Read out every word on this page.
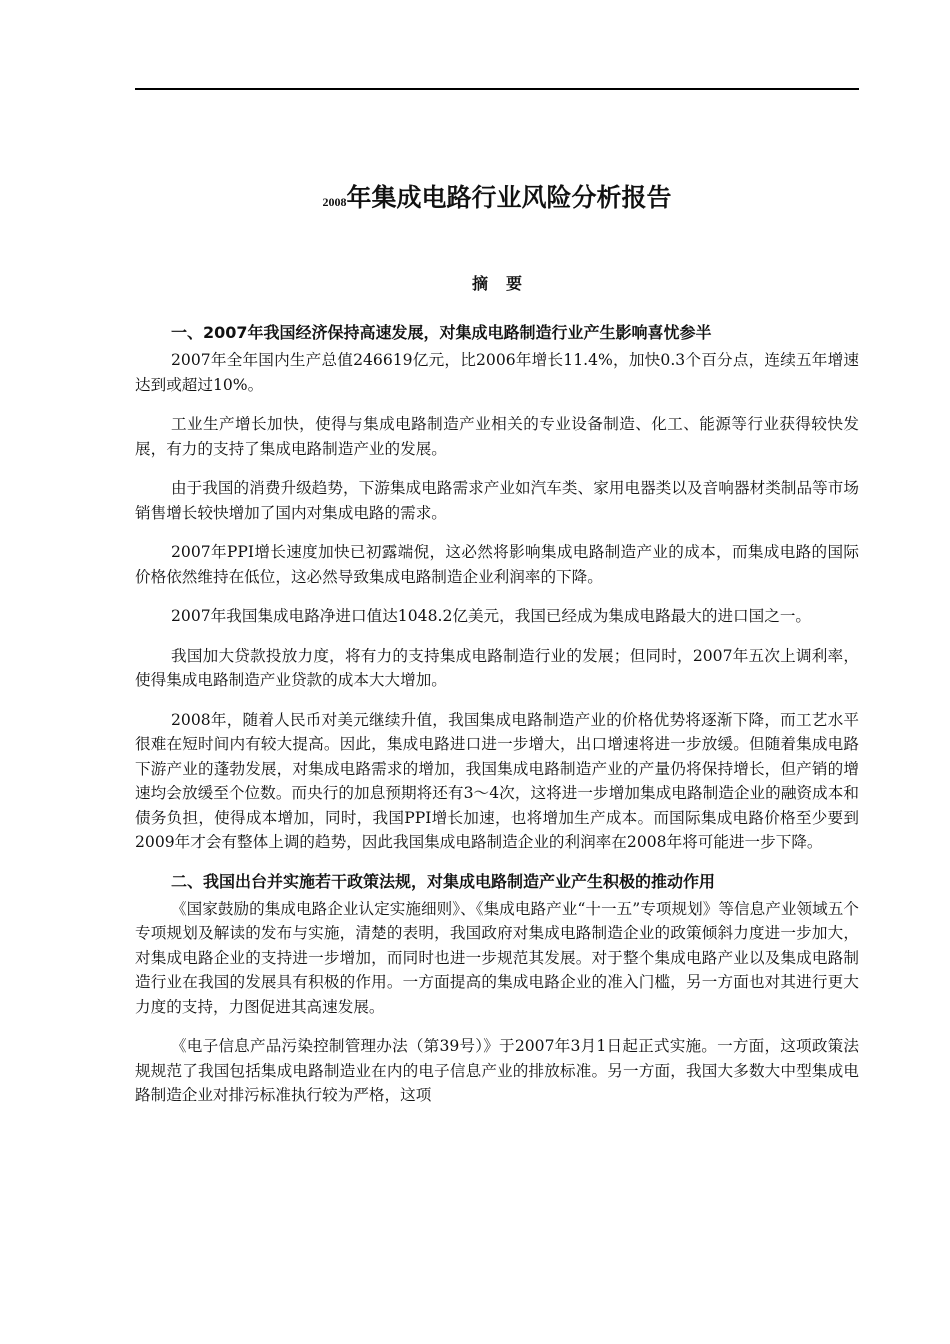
2008年集成电路行业风险分析报告
摘要
一、2007年我国经济保持高速发展，对集成电路制造行业产生影响喜忧参半

2007年全年国内生产总值246619亿元，比2006年增长11.4%，加快0.3个百分点，连续五年增速达到或超过10%。

工业生产增长加快，使得与集成电路制造产业相关的专业设备制造、化工、能源等行业获得较快发展，有力的支持了集成电路制造产业的发展。

由于我国的消费升级趋势，下游集成电路需求产业如汽车类、家用电器类以及音响器材类制品等市场销售增长较快增加了国内对集成电路的需求。

2007年PPI增长速度加快已初露端倪，这必然将影响集成电路制造产业的成本，而集成电路的国际价格依然维持在低位，这必然导致集成电路制造企业利润率的下降。

2007年我国集成电路净进口值达1048.2亿美元，我国已经成为集成电路最大的进口国之一。

我国加大贷款投放力度，将有力的支持集成电路制造行业的发展；但同时，2007年五次上调利率，使得集成电路制造产业贷款的成本大大增加。

2008年，随着人民币对美元继续升值，我国集成电路制造产业的价格优势将逐渐下降，而工艺水平很难在短时间内有较大提高。因此，集成电路进口进一步增大，出口增速将进一步放缓。但随着集成电路下游产业的蓬勃发展，对集成电路需求的增加，我国集成电路制造产业的产量仍将保持增长，但产销的增速均会放缓至个位数。而央行的加息预期将还有3～4次，这将进一步增加集成电路制造企业的融资成本和债务负担，使得成本增加，同时，我国PPI增长加速，也将增加生产成本。而国际集成电路价格至少要到2009年才会有整体上调的趋势，因此我国集成电路制造企业的利润率在2008年将可能进一步下降。

二、我国出台并实施若干政策法规，对集成电路制造产业产生积极的推动作用

《国家鼓励的集成电路企业认定实施细则》、《集成电路产业“十一五”专项规划》等信息产业领域五个专项规划及解读的发布与实施，清楚的表明，我国政府对集成电路制造企业的政策倾斜力度进一步加大，对集成电路企业的支持进一步增加，而同时也进一步规范其发展。对于整个集成电路产业以及集成电路制造行业在我国的发展具有积极的作用。一方面提高的集成电路企业的准入门槛，另一方面也对其进行更大力度的支持，力图促进其高速发展。

《电子信息产品污染控制管理办法（第39号）》于2007年3月1日起正式实施。一方面，这项政策法规规范了我国包括集成电路制造业在内的电子信息产业的排放标准。另一方面，我国大多数大中型集成电路制造企业对排污标准执行较为严格，这项
